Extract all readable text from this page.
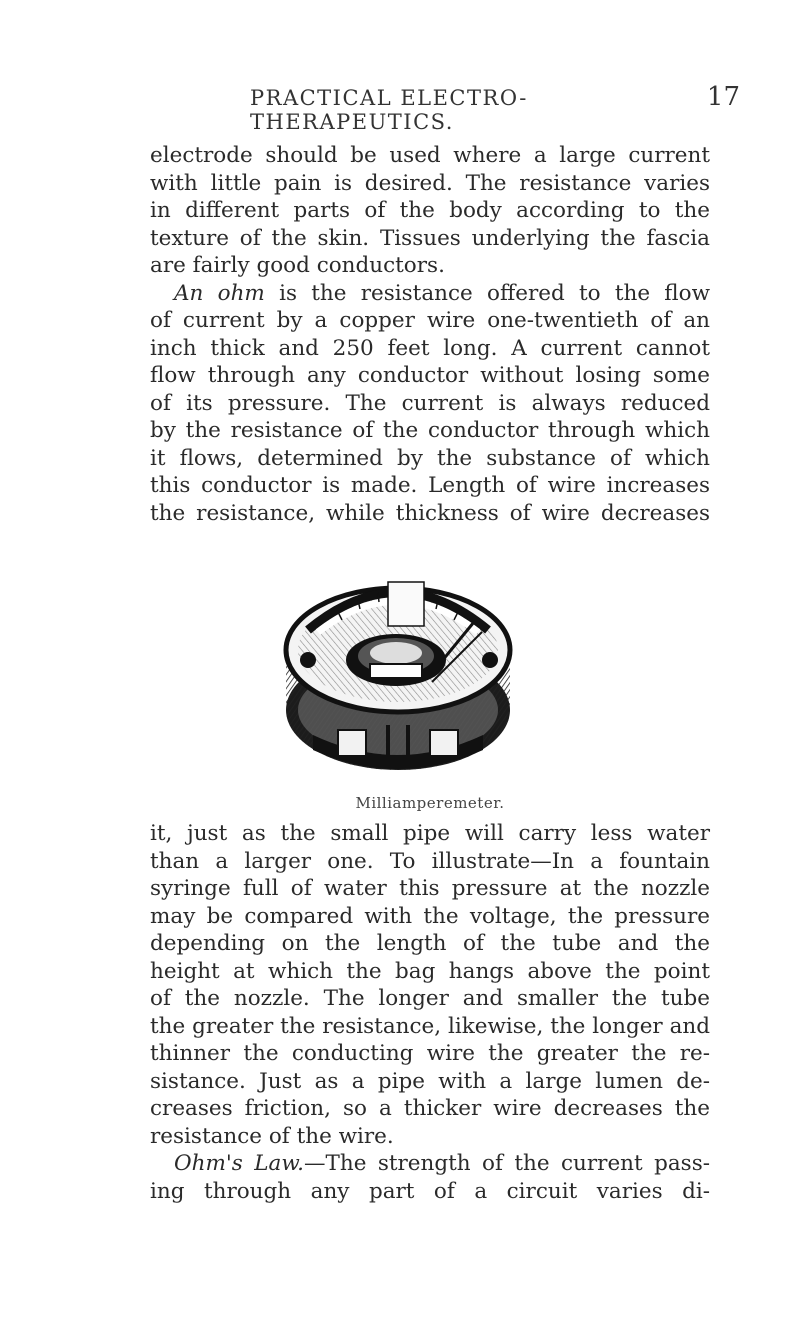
PRACTICAL ELECTRO-THERAPEUTICS.
17
electrode should be used where a large current
with little pain is desired. The resistance varies
in different parts of the body according to the
texture of the skin. Tissues underlying the fascia
are fairly good conductors.
An ohm is the resistance offered to the flow
of current by a copper wire one-twentieth of an
inch thick and 250 feet long. A current cannot
flow through any conductor without losing some
of its pressure. The current is always reduced
by the resistance of the conductor through which
it flows, determined by the substance of which
this conductor is made. Length of wire increases
the resistance, while thickness of wire decreases
Milliamperemeter.
it, just as the small pipe will carry less water
than a larger one. To illustrate—In a fountain
syringe full of water this pressure at the nozzle
may be compared with the voltage, the pressure
depending on the length of the tube and the
height at which the bag hangs above the point
of the nozzle. The longer and smaller the tube
the greater the resistance, likewise, the longer and
thinner the conducting wire the greater the re-
sistance. Just as a pipe with a large lumen de-
creases friction, so a thicker wire decreases the
resistance of the wire.
Ohm's Law.—The strength of the current pass-
ing through any part of a circuit varies di-
